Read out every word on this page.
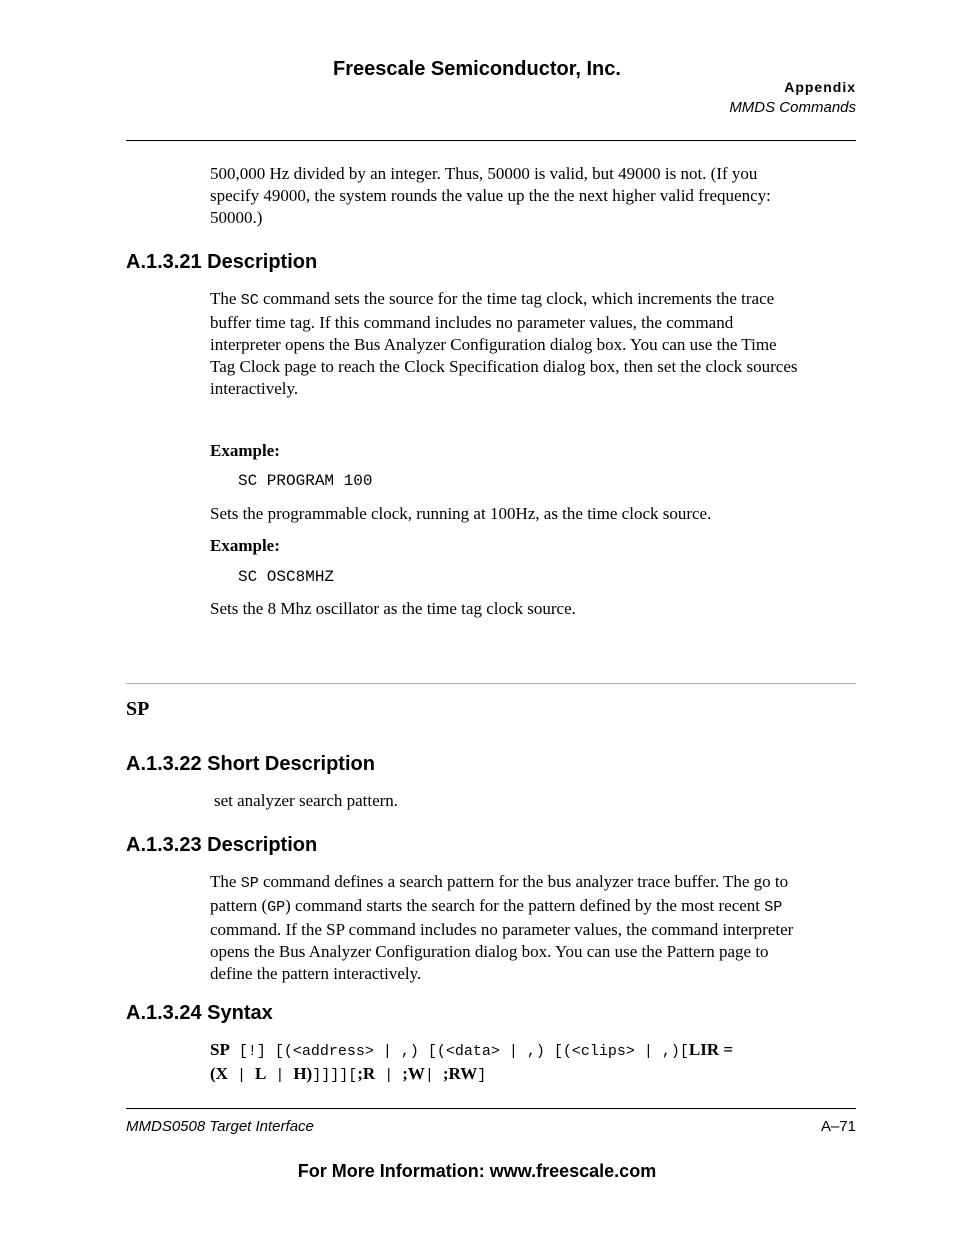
Freescale Semiconductor, Inc.
Appendix
MMDS Commands
500,000 Hz divided by an integer. Thus, 50000 is valid, but 49000 is not. (If you
specify 49000, the system rounds the value up the the next higher valid frequency:
50000.)
A.1.3.21 Description
The SC command sets the source for the time tag clock, which increments the trace
buffer time tag. If this command includes no parameter values, the command
interpreter opens the Bus Analyzer Configuration dialog box. You can use the Time
Tag Clock page to reach the Clock Specification dialog box, then set the clock sources
interactively.
Example:
SC PROGRAM 100
Sets the programmable clock, running at 100Hz, as the time clock source.
Example:
SC OSC8MHZ
Sets the 8 Mhz oscillator as the time tag clock source.
SP
A.1.3.22 Short Description
set analyzer search pattern.
A.1.3.23 Description
The SP command defines a search pattern for the bus analyzer trace buffer. The go to
pattern (GP) command starts the search for the pattern defined by the most recent SP
command. If the SP command includes no parameter values, the command interpreter
opens the Bus Analyzer Configuration dialog box. You can use the Pattern page to
define the pattern interactively.
A.1.3.24 Syntax
SP [!] [(<address> | ,) [(<data> | ,) [(<clips> | ,)[LIR =
(X | L | H)]]]][;R | ;W| ;RW]
MMDS0508 Target Interface	A–71
For More Information: www.freescale.com
